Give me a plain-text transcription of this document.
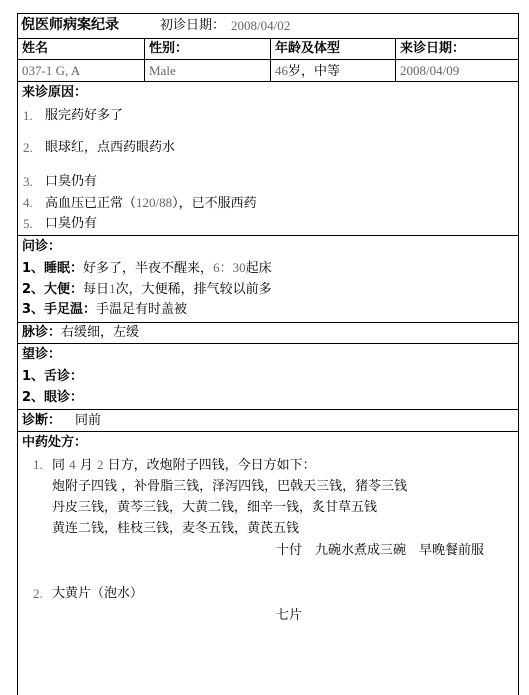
倪医师病案纪录	初诊日期： 2008/04/02
姓名	性别：	年龄及体型	来诊日期：
037-1 G, A	Male	46岁，中等	2008/04/09
来诊原因：
1. 服完药好多了
2. 眼球红，点西药眼药水
3. 口臭仍有
4. 高血压已正常（120/88），已不服西药
5. 口臭仍有
问诊：
1、睡眠：好多了，半夜不醒来，6：30起床
2、大便：每日1次，大便稀，排气较以前多
3、手足温：手温足有时盖被
脉诊：右缓细，左缓
望诊：
1、舌诊：
2、眼诊：
诊断： 同前
中药处方：
1. 同 4 月 2 日方，改炮附子四钱，今日方如下：
炮附子四钱 ，补骨脂三钱，泽泻四钱，巴戟天三钱，猪苓三钱
丹皮三钱，黄芩三钱，大黄二钱，细辛一钱，炙甘草五钱
黄连二钱，桂枝三钱，麦冬五钱，黄芪五钱
十付　九碗水煮成三碗　早晚餐前服
2. 大黄片（泡水）
七片
